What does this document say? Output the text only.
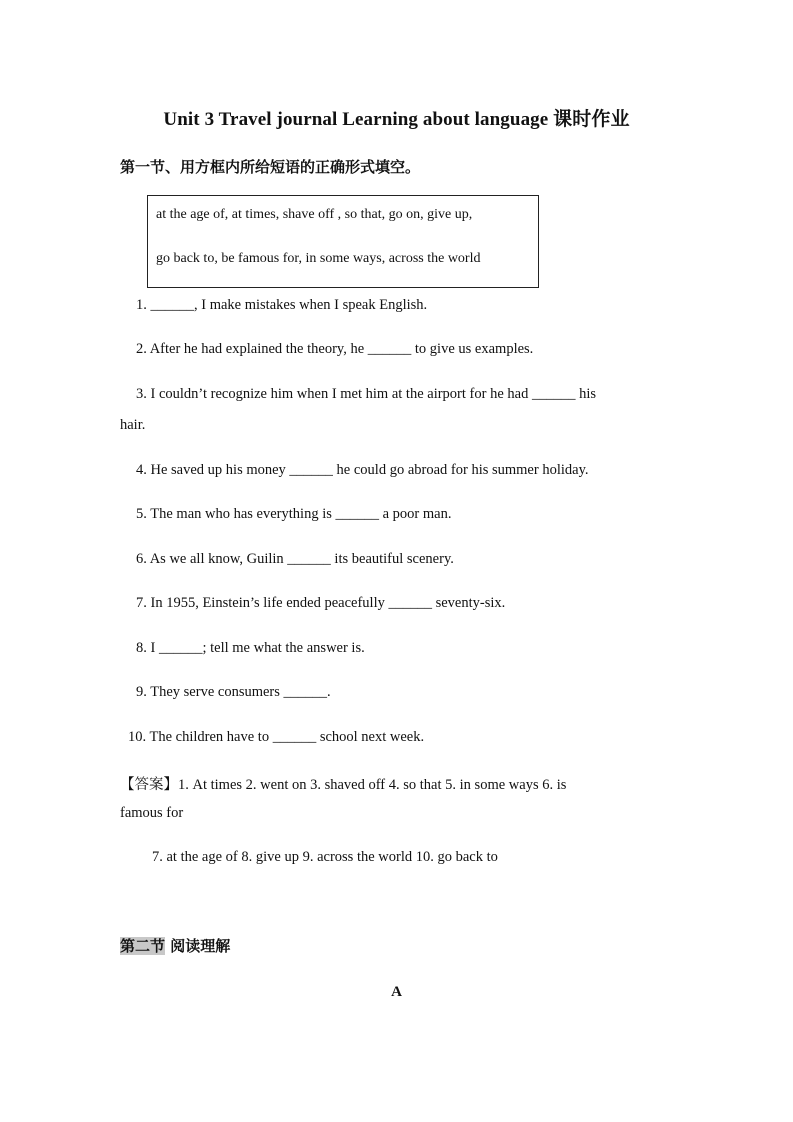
Unit 3 Travel journal Learning about language 课时作业
第一节、用方框内所给短语的正确形式填空。
at the age of, at times, shave off , so that, go on, give up,
go back to, be famous for, in some ways, across the world
1. ______, I make mistakes when I speak English.
2. After he had explained the theory, he ______ to give us examples.
3. I couldn’t recognize him when I met him at the airport for he had ______ his
hair.
4. He saved up his money ______ he could go abroad for his summer holiday.
5. The man who has everything is ______ a poor man.
6. As we all know, Guilin ______ its beautiful scenery.
7. In 1955, Einstein’s life ended peacefully ______ seventy-six.
8. I ______; tell me what the answer is.
9. They serve consumers ______.
10. The children have to ______ school next week.
【答案】1. At times 2. went on 3. shaved off 4. so that 5. in some ways 6. is
famous for
7. at the age of 8. give up 9. across the world 10. go back to
第二节 阅读理解
A
